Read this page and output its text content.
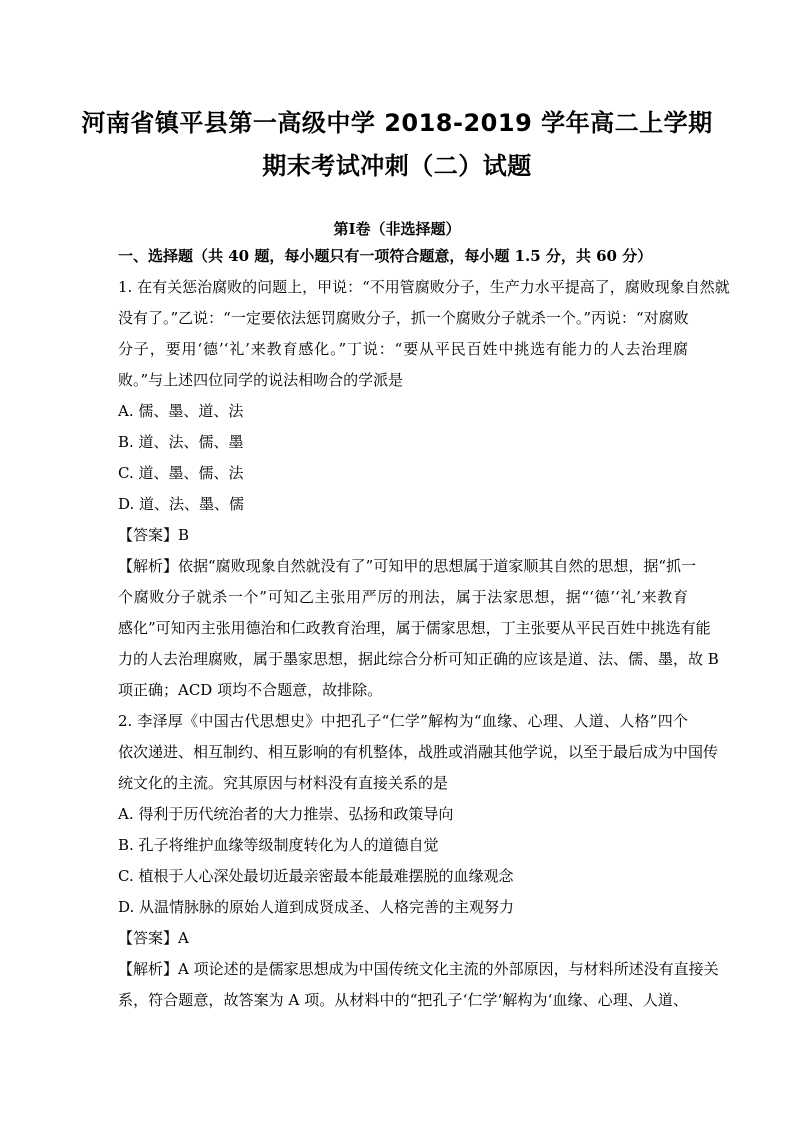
河南省镇平县第一高级中学 2018-2019 学年高二上学期
期末考试冲刺（二）试题
第Ⅰ卷（非选择题）
一、选择题（共 40 题，每小题只有一项符合题意，每小题 1.5 分，共 60 分）
1. 在有关惩治腐败的问题上，甲说：“不用管腐败分子，生产力水平提高了，腐败现象自然就
没有了。”乙说：“一定要依法惩罚腐败分子，抓一个腐败分子就杀一个。”丙说：“对腐败
分子，要用‘德’‘礼’来教育感化。”丁说：“要从平民百姓中挑选有能力的人去治理腐
败。”与上述四位同学的说法相吻合的学派是
A. 儒、墨、道、法
B. 道、法、儒、墨
C. 道、墨、儒、法
D. 道、法、墨、儒
【答案】B
【解析】依据“腐败现象自然就没有了”可知甲的思想属于道家顺其自然的思想，据“抓一
个腐败分子就杀一个”可知乙主张用严厉的刑法，属于法家思想，据“‘德’‘礼’来教育
感化”可知丙主张用德治和仁政教育治理，属于儒家思想，丁主张要从平民百姓中挑选有能
力的人去治理腐败，属于墨家思想，据此综合分析可知正确的应该是道、法、儒、墨，故 B
项正确；ACD 项均不合题意，故排除。
2. 李泽厚《中国古代思想史》中把孔子“仁学”解构为“血缘、心理、人道、人格”四个
依次递进、相互制约、相互影响的有机整体，战胜或消融其他学说，以至于最后成为中国传
统文化的主流。究其原因与材料没有直接关系的是
A. 得利于历代统治者的大力推崇、弘扬和政策导向
B. 孔子将维护血缘等级制度转化为人的道德自觉
C. 植根于人心深处最切近最亲密最本能最难摆脱的血缘观念
D. 从温情脉脉的原始人道到成贤成圣、人格完善的主观努力
【答案】A
【解析】A 项论述的是儒家思想成为中国传统文化主流的外部原因，与材料所述没有直接关
系，符合题意，故答案为 A 项。从材料中的“把孔子‘仁学’解构为‘血缘、心理、人道、
